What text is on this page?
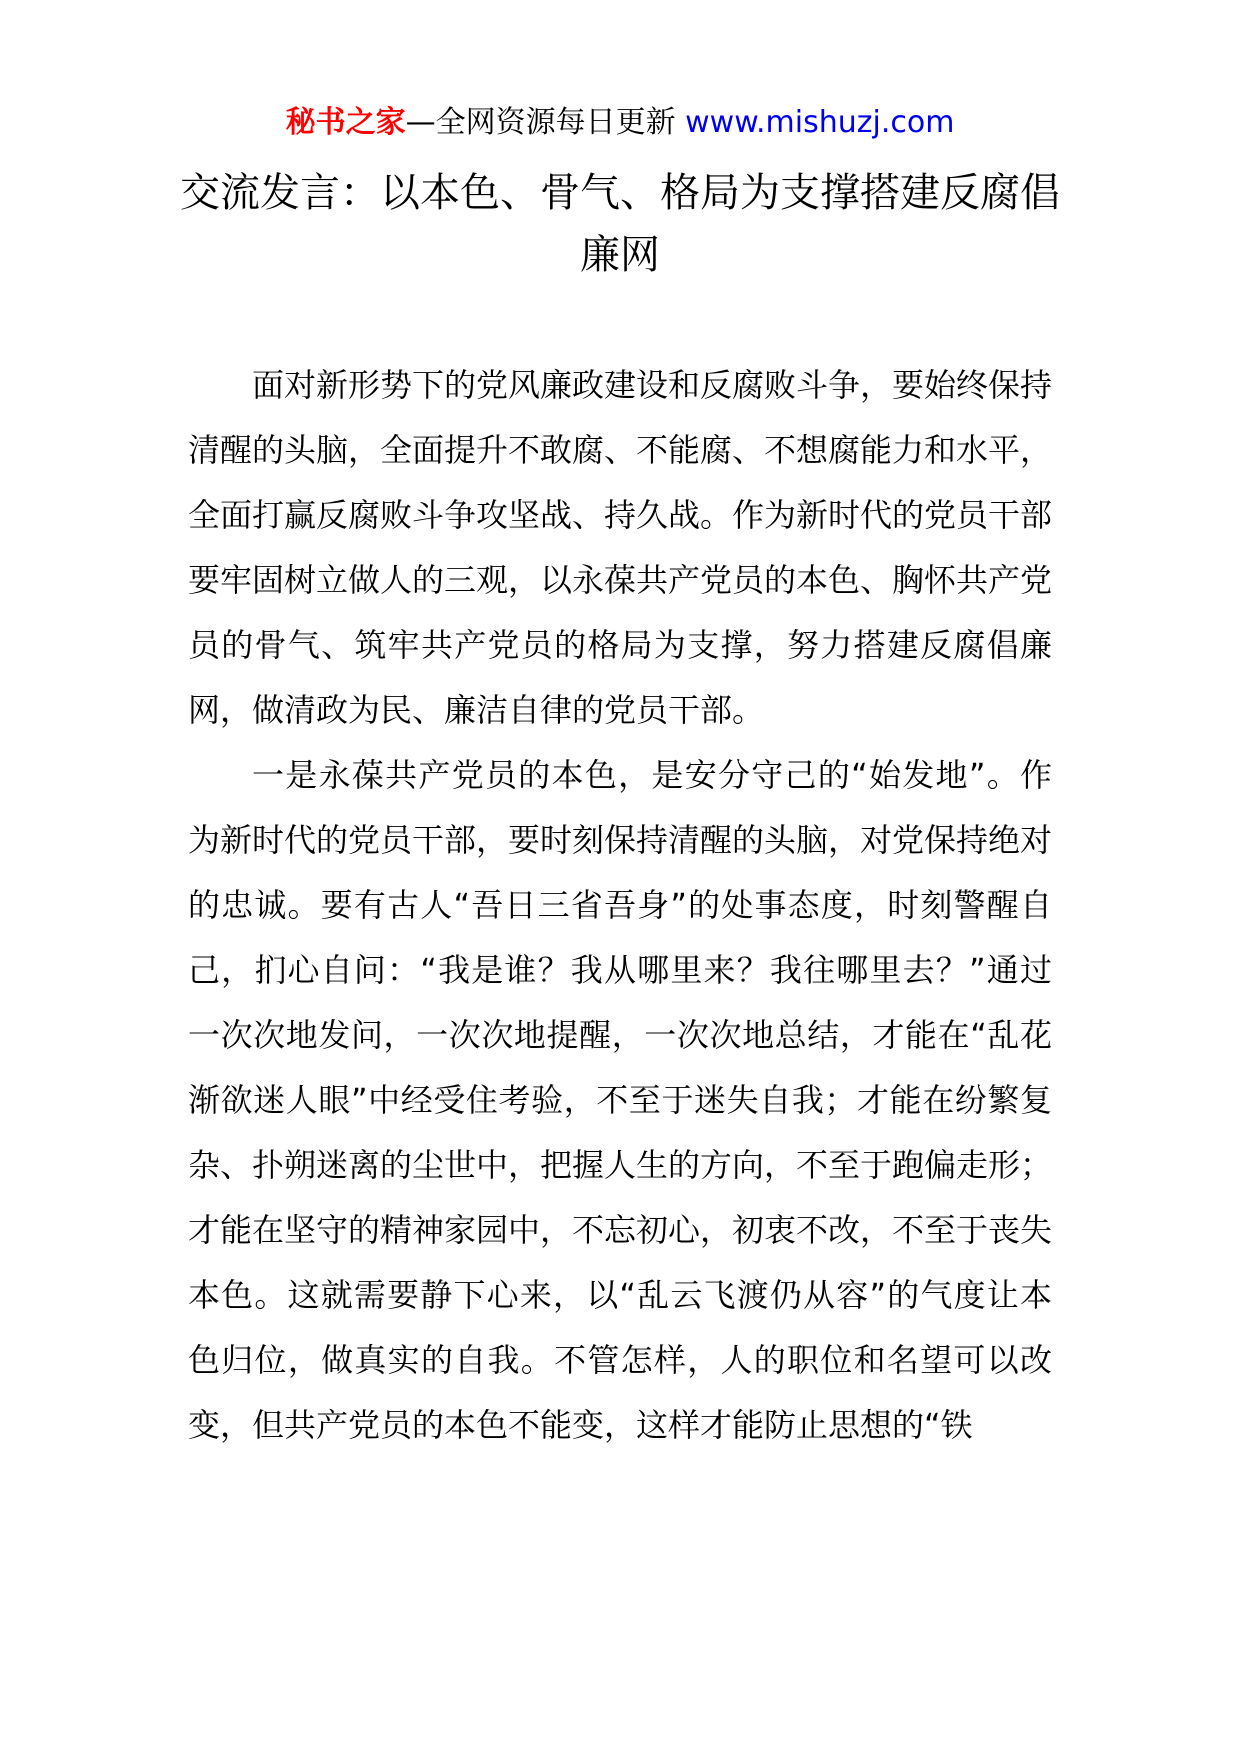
秘书之家—全网资源每日更新 www.mishuzj.com
交流发言：以本色、骨气、格局为支撑搭建反腐倡廉网

面对新形势下的党风廉政建设和反腐败斗争，要始终保持清醒的头脑，全面提升不敢腐、不能腐、不想腐能力和水平，全面打赢反腐败斗争攻坚战、持久战。作为新时代的党员干部要牢固树立做人的三观，以永葆共产党员的本色、胸怀共产党员的骨气、筑牢共产党员的格局为支撑，努力搭建反腐倡廉网，做清政为民、廉洁自律的党员干部。

一是永葆共产党员的本色，是安分守己的“始发地”。作为新时代的党员干部，要时刻保持清醒的头脑，对党保持绝对的忠诚。要有古人“吾日三省吾身”的处事态度，时刻警醒自己，扪心自问：“我是谁？我从哪里来？我往哪里去？”通过一次次地发问，一次次地提醒，一次次地总结，才能在“乱花渐欲迷人眼”中经受住考验，不至于迷失自我；才能在纷繁复杂、扑朔迷离的尘世中，把握人生的方向，不至于跑偏走形；才能在坚守的精神家园中，不忘初心，初衷不改，不至于丧失本色。这就需要静下心来，以“乱云飞渡仍从容”的气度让本色归位，做真实的自我。不管怎样，人的职位和名望可以改变，但共产党员的本色不能变，这样才能防止思想的“铁
